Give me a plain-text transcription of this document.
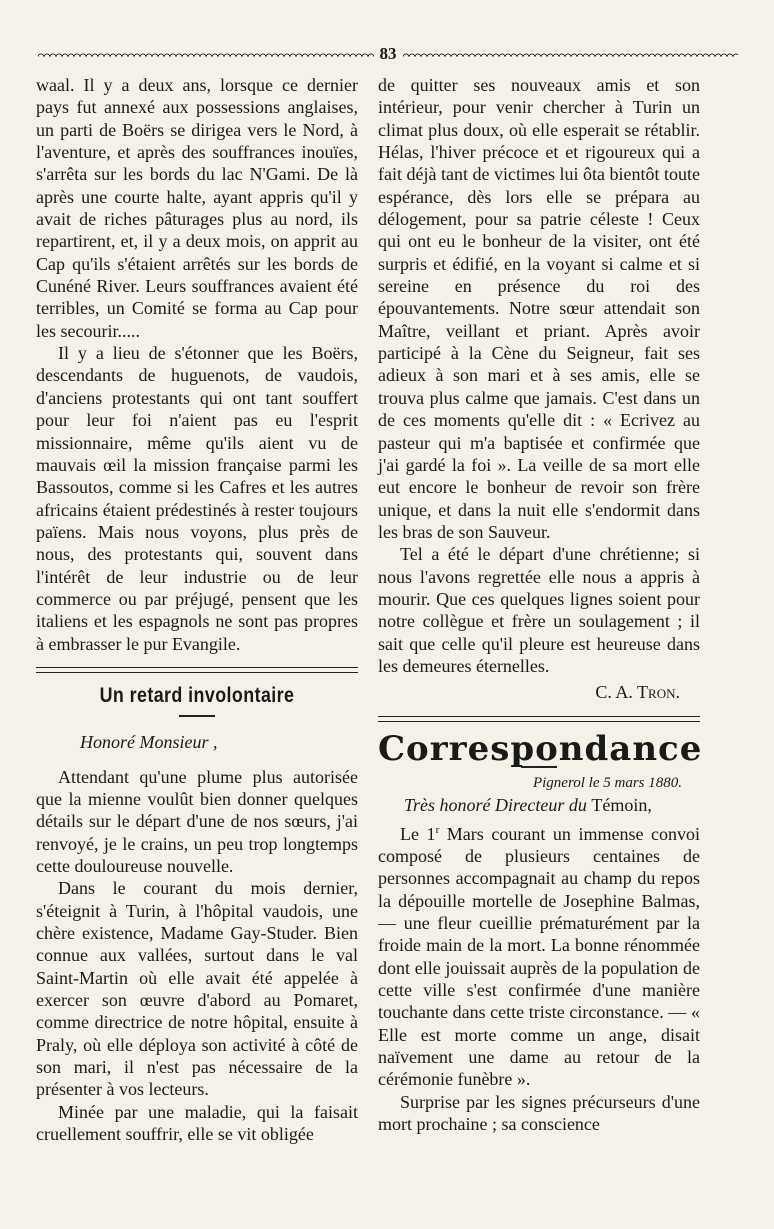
83

waal. Il y a deux ans, lorsque ce dernier pays fut annexé aux possessions anglaises, un parti de Boërs se dirigea vers le Nord, à l'aventure, et après des souffrances inouïes, s'arrêta sur les bords du lac N'Gami. De là après une courte halte, ayant appris qu'il y avait de riches pâturages plus au nord, ils repartirent, et, il y a deux mois, on apprit au Cap qu'ils s'étaient arrêtés sur les bords de Cunéné River. Leurs souffrances avaient été terribles, un Comité se forma au Cap pour les secourir.....

Il y a lieu de s'étonner que les Boërs, descendants de huguenots, de vaudois, d'anciens protestants qui ont tant souffert pour leur foi n'aient pas eu l'esprit missionnaire, même qu'ils aient vu de mauvais œil la mission française parmi les Bassoutos, comme si les Cafres et les autres africains étaient prédestinés à rester toujours païens. Mais nous voyons, plus près de nous, des protestants qui, souvent dans l'intérêt de leur industrie ou de leur commerce ou par préjugé, pensent que les italiens et les espagnols ne sont pas propres à embrasser le pur Evangile.

Un retard involontaire
Honoré Monsieur ,

Attendant qu'une plume plus autorisée que la mienne voulût bien donner quelques détails sur le départ d'une de nos sœurs, j'ai renvoyé, je le crains, un peu trop longtemps cette douloureuse nouvelle.

Dans le courant du mois dernier, s'éteignit à Turin, à l'hôpital vaudois, une chère existence, Madame Gay-Studer. Bien connue aux vallées, surtout dans le val Saint-Martin où elle avait été appelée à exercer son œuvre d'abord au Pomaret, comme directrice de notre hôpital, ensuite à Praly, où elle déploya son activité à côté de son mari, il n'est pas nécessaire de la présenter à vos lecteurs.

Minée par une maladie, qui la faisait cruellement souffrir, elle se vit obligée

de quitter ses nouveaux amis et son intérieur, pour venir chercher à Turin un climat plus doux, où elle esperait se rétablir. Hélas, l'hiver précoce et et rigoureux qui a fait déjà tant de victimes lui ôta bientôt toute espérance, dès lors elle se prépara au délogement, pour sa patrie céleste ! Ceux qui ont eu le bonheur de la visiter, ont été surpris et édifié, en la voyant si calme et si sereine en présence du roi des épouvantements. Notre sœur attendait son Maître, veillant et priant. Après avoir participé à la Cène du Seigneur, fait ses adieux à son mari et à ses amis, elle se trouva plus calme que jamais. C'est dans un de ces moments qu'elle dit : « Ecrivez au pasteur qui m'a baptisée et confirmée que j'ai gardé la foi ». La veille de sa mort elle eut encore le bonheur de revoir son frère unique, et dans la nuit elle s'endormit dans les bras de son Sauveur.

Tel a été le départ d'une chrétienne; si nous l'avons regrettée elle nous a appris à mourir. Que ces quelques lignes soient pour notre collègue et frère un soulagement ; il sait que celle qu'il pleure est heureuse dans les demeures éternelles.

C. A. Tron.
Correspondance
Pignerol le 5 mars 1880.
Très honoré Directeur du Témoin,

Le 1$^r$ Mars courant un immense convoi composé de plusieurs centaines de personnes accompagnait au champ du repos la dépouille mortelle de Josephine Balmas, — une fleur cueillie prématurément par la froide main de la mort. La bonne rénommée dont elle jouissait auprès de la population de cette ville s'est confirmée d'une manière touchante dans cette triste circonstance. — « Elle est morte comme un ange, disait naïvement une dame au retour de la cérémonie funèbre ».

Surprise par les signes précurseurs d'une mort prochaine ; sa conscience
